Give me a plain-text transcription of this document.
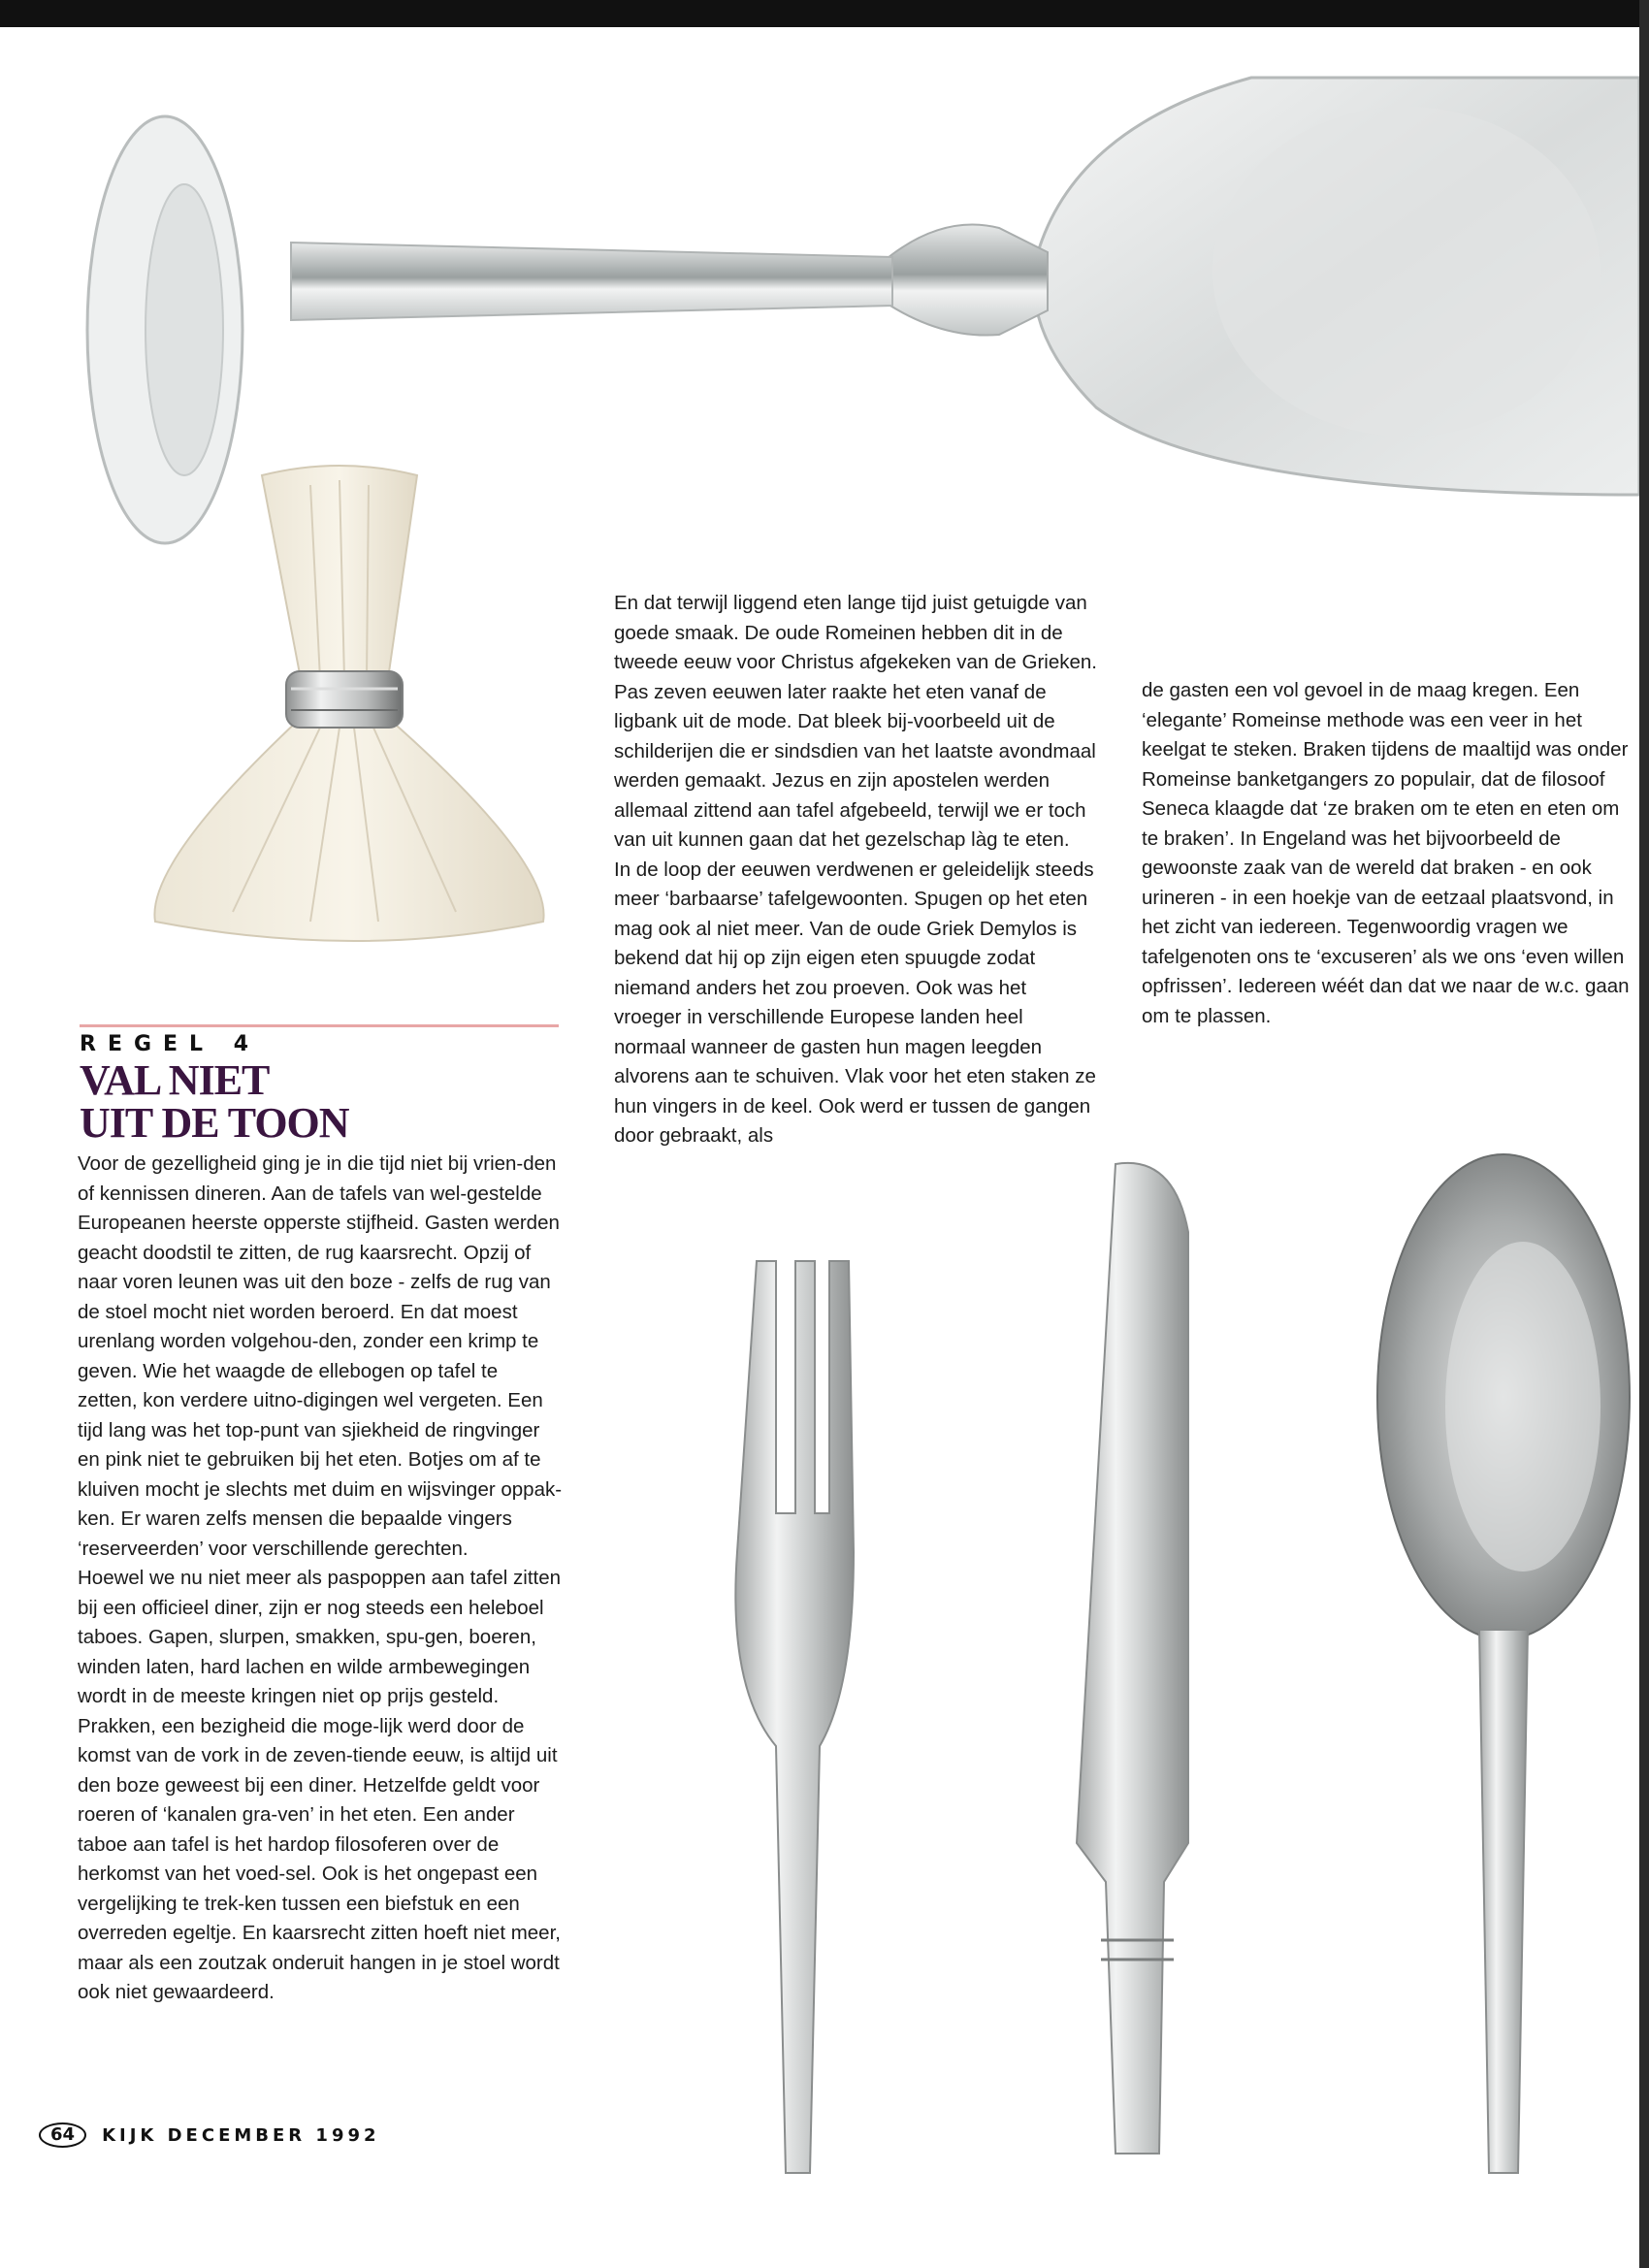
En dat terwijl liggend eten lange tijd juist getuigde van goede smaak. De oude Romeinen hebben dit in de tweede eeuw voor Christus afgekeken van de Grieken. Pas zeven eeuwen later raakte het eten vanaf de ligbank uit de mode. Dat bleek bij-voorbeeld uit de schilderijen die er sindsdien van het laatste avondmaal werden gemaakt. Jezus en zijn apostelen werden allemaal zittend aan tafel afgebeeld, terwijl we er toch van uit kunnen gaan dat het gezelschap làg te eten.

In de loop der eeuwen verdwenen er geleidelijk steeds meer ‘barbaarse’ tafelgewoonten. Spugen op het eten mag ook al niet meer. Van de oude Griek Demylos is bekend dat hij op zijn eigen eten spuugde zodat niemand anders het zou proeven. Ook was het vroeger in verschillende Europese landen heel normaal wanneer de gasten hun magen leegden alvorens aan te schuiven. Vlak voor het eten staken ze hun vingers in de keel. Ook werd er tussen de gangen door gebraakt, als

de gasten een vol gevoel in de maag kregen. Een ‘elegante’ Romeinse methode was een veer in het keelgat te steken. Braken tijdens de maaltijd was onder Romeinse banketgangers zo populair, dat de filosoof Seneca klaagde dat ‘ze braken om te eten en eten om te braken’. In Engeland was het bijvoorbeeld de gewoonste zaak van de wereld dat braken - en ook urineren - in een hoekje van de eetzaal plaatsvond, in het zicht van iedereen. Tegenwoordig vragen we tafelgenoten ons te ‘excuseren’ als we ons ‘even willen opfrissen’. Iedereen wéét dan dat we naar de w.c. gaan om te plassen.

REGEL 4
VAL NIET
UIT DE TOON

Voor de gezelligheid ging je in die tijd niet bij vrien-den of kennissen dineren. Aan de tafels van wel-gestelde Europeanen heerste opperste stijfheid. Gasten werden geacht doodstil te zitten, de rug kaarsrecht. Opzij of naar voren leunen was uit den boze - zelfs de rug van de stoel mocht niet worden beroerd. En dat moest urenlang worden volgehou-den, zonder een krimp te geven. Wie het waagde de ellebogen op tafel te zetten, kon verdere uitno-digingen wel vergeten. Een tijd lang was het top-punt van sjiekheid de ringvinger en pink niet te gebruiken bij het eten. Botjes om af te kluiven mocht je slechts met duim en wijsvinger oppak-ken. Er waren zelfs mensen die bepaalde vingers ‘reserveerden’ voor verschillende gerechten.

Hoewel we nu niet meer als paspoppen aan tafel zitten bij een officieel diner, zijn er nog steeds een heleboel taboes. Gapen, slurpen, smakken, spu-gen, boeren, winden laten, hard lachen en wilde armbewegingen wordt in de meeste kringen niet op prijs gesteld. Prakken, een bezigheid die moge-lijk werd door de komst van de vork in de zeven-tiende eeuw, is altijd uit den boze geweest bij een diner. Hetzelfde geldt voor roeren of ‘kanalen gra-ven’ in het eten. Een ander taboe aan tafel is het hardop filosoferen over de herkomst van het voed-sel. Ook is het ongepast een vergelijking te trek-ken tussen een biefstuk en een overreden egeltje. En kaarsrecht zitten hoeft niet meer, maar als een zoutzak onderuit hangen in je stoel wordt ook niet gewaardeerd.

64	KIJK DECEMBER 1992
